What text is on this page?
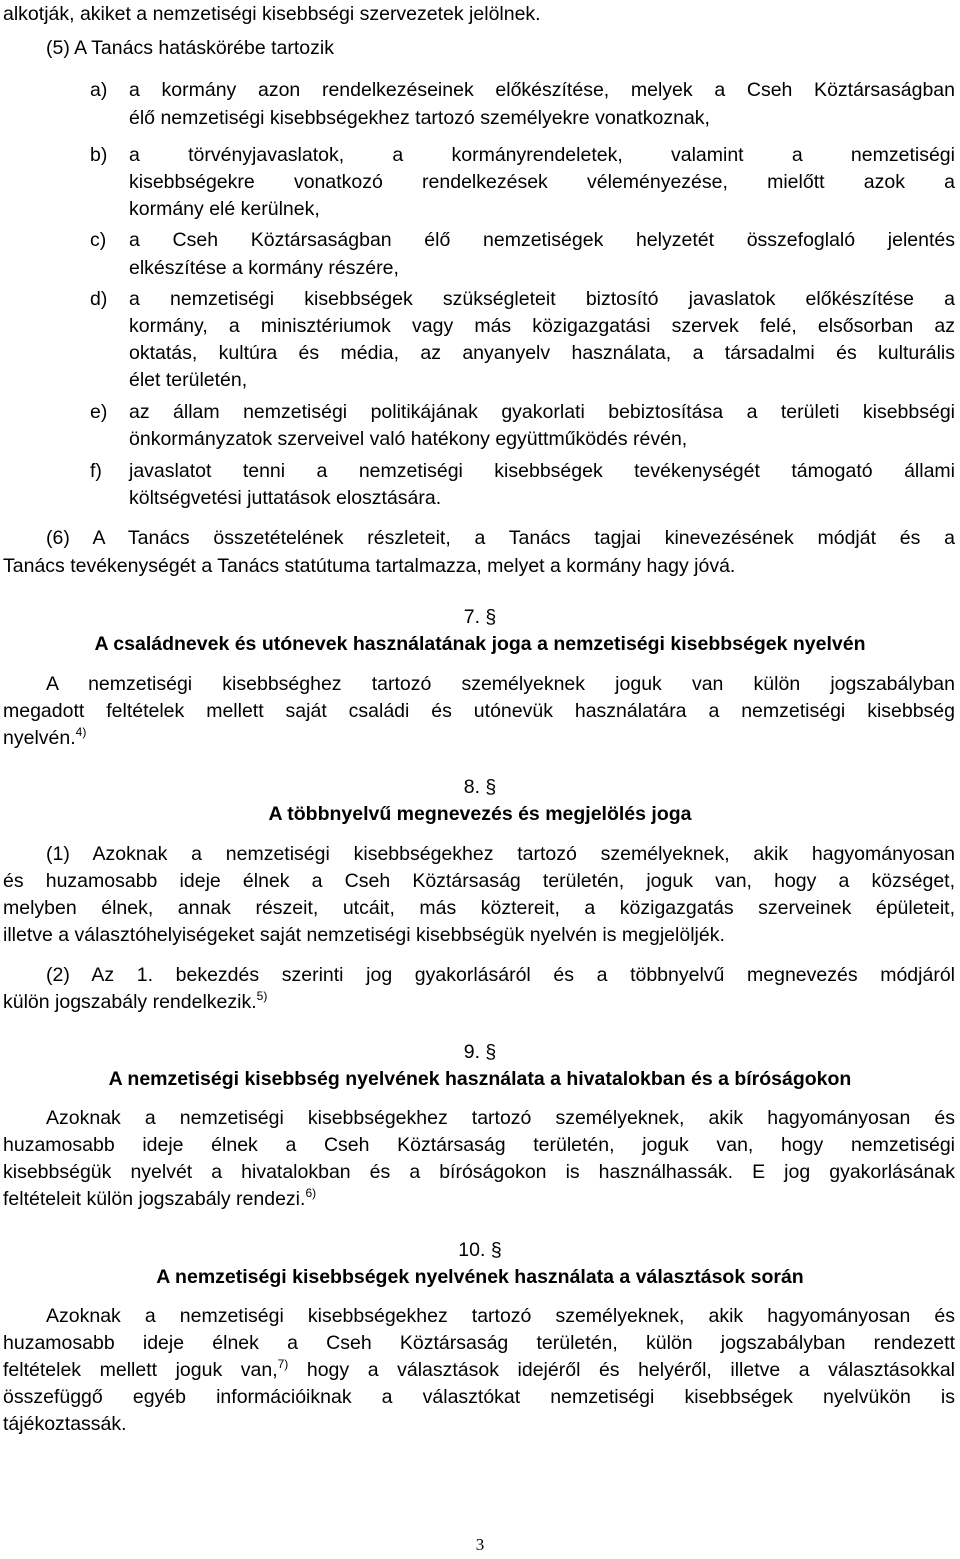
alkotják, akiket a nemzetiségi kisebbségi szervezetek jelölnek.
(5) A Tanács hatáskörébe tartozik
a) a kormány azon rendelkezéseinek előkészítése, melyek a Cseh Köztársaságban
élő nemzetiségi kisebbségekhez tartozó személyekre vonatkoznak,
b) a törvényjavaslatok, a kormányrendeletek, valamint a nemzetiségi
kisebbségekre vonatkozó rendelkezések véleményezése, mielőtt azok a
kormány elé kerülnek,
c) a Cseh Köztársaságban élő nemzetiségek helyzetét összefoglaló jelentés
elkészítése a kormány részére,
d) a nemzetiségi kisebbségek szükségleteit biztosító javaslatok előkészítése a
kormány, a minisztériumok vagy más közigazgatási szervek felé, elsősorban az
oktatás, kultúra és média, az anyanyelv használata, a társadalmi és kulturális
élet területén,
e) az állam nemzetiségi politikájának gyakorlati bebiztosítása a területi kisebbségi
önkormányzatok szerveivel való hatékony együttműködés révén,
f) javaslatot tenni a nemzetiségi kisebbségek tevékenységét támogató állami
költségvetési juttatások elosztására.
(6) A Tanács összetételének részleteit, a Tanács tagjai kinevezésének módját és a
Tanács tevékenységét a Tanács statútuma tartalmazza, melyet a kormány hagy jóvá.
7. §
A családnevek és utónevek használatának joga a nemzetiségi kisebbségek nyelvén
A nemzetiségi kisebbséghez tartozó személyeknek joguk van külön jogszabályban
megadott feltételek mellett saját családi és utónevük használatára a nemzetiségi kisebbség
nyelvén.$^{4)}$
8. §
A többnyelvű megnevezés és megjelölés joga
(1) Azoknak a nemzetiségi kisebbségekhez tartozó személyeknek, akik hagyományosan
és huzamosabb ideje élnek a Cseh Köztársaság területén, joguk van, hogy a községet,
melyben élnek, annak részeit, utcáit, más köztereit, a közigazgatás szerveinek épületeit,
illetve a választóhelyiségeket saját nemzetiségi kisebbségük nyelvén is megjelöljék.
(2) Az 1. bekezdés szerinti jog gyakorlásáról és a többnyelvű megnevezés módjáról
külön jogszabály rendelkezik.$^{5)}$
9. §
A nemzetiségi kisebbség nyelvének használata a hivatalokban és a bíróságokon
Azoknak a nemzetiségi kisebbségekhez tartozó személyeknek, akik hagyományosan és
huzamosabb ideje élnek a Cseh Köztársaság területén, joguk van, hogy nemzetiségi
kisebbségük nyelvét a hivatalokban és a bíróságokon is használhassák. E jog gyakorlásának
feltételeit külön jogszabály rendezi.$^{6)}$
10. §
A nemzetiségi kisebbségek nyelvének használata a választások során
Azoknak a nemzetiségi kisebbségekhez tartozó személyeknek, akik hagyományosan és
huzamosabb ideje élnek a Cseh Köztársaság területén, külön jogszabályban rendezett
feltételek mellett joguk van,$^{7)}$ hogy a választások idejéről és helyéről, illetve a választásokkal
összefüggő egyéb információiknak a választókat nemzetiségi kisebbségek nyelvükön is
tájékoztassák.
3
